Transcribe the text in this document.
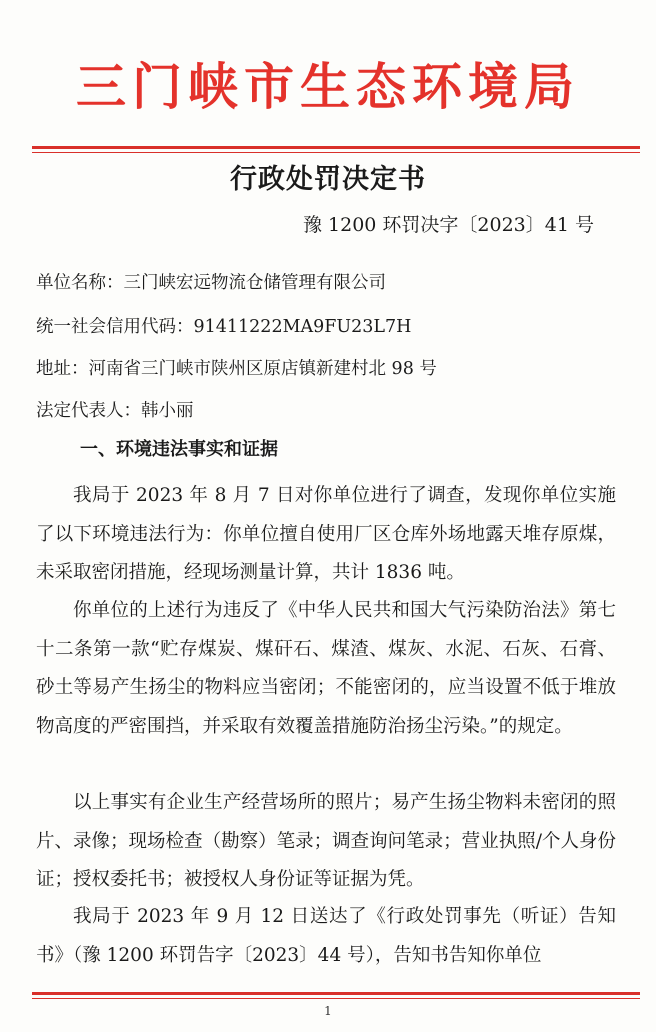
三门峡市生态环境局
行政处罚决定书
豫 1200 环罚决字〔2023〕41 号
单位名称：三门峡宏远物流仓储管理有限公司
统一社会信用代码：91411222MA9FU23L7H
地址：河南省三门峡市陕州区原店镇新建村北 98 号
法定代表人：韩小丽
一、环境违法事实和证据
我局于 2023 年 8 月 7 日对你单位进行了调查，发现你单位实施了以下环境违法行为：你单位擅自使用厂区仓库外场地露天堆存原煤，未采取密闭措施，经现场测量计算，共计 1836 吨。
你单位的上述行为违反了《中华人民共和国大气污染防治法》第七十二条第一款“贮存煤炭、煤矸石、煤渣、煤灰、水泥、石灰、石膏、砂土等易产生扬尘的物料应当密闭；不能密闭的，应当设置不低于堆放物高度的严密围挡，并采取有效覆盖措施防治扬尘污染。”的规定。
以上事实有企业生产经营场所的照片；易产生扬尘物料未密闭的照片、录像；现场检查（勘察）笔录；调查询问笔录；营业执照/个人身份证；授权委托书；被授权人身份证等证据为凭。
我局于 2023 年 9 月 12 日送达了《行政处罚事先（听证）告知书》（豫 1200 环罚告字〔2023〕44 号），告知书告知你单位
1
